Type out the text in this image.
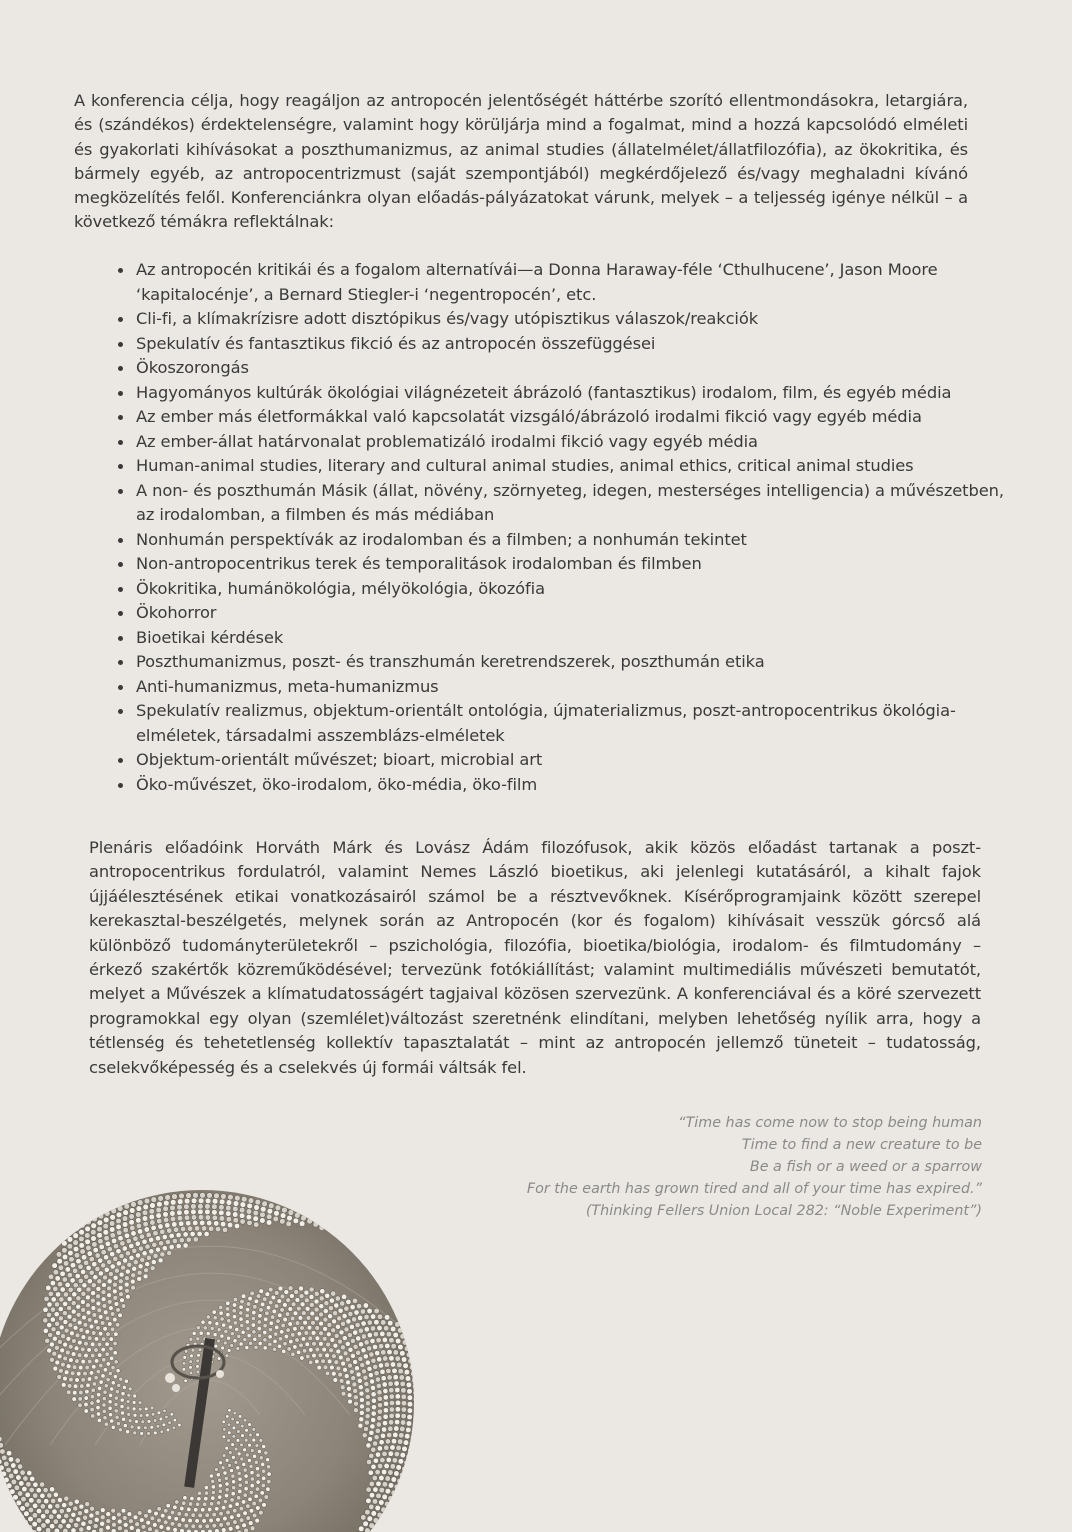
A konferencia célja, hogy reagáljon az antropocén jelentőségét háttérbe szorító ellentmondásokra, letargiára, és (szándékos) érdektelenségre, valamint hogy körüljárja mind a fogalmat, mind a hozzá kapcsolódó elméleti és gyakorlati kihívásokat a poszthumanizmus, az animal studies (állatelmélet/állatfilozófia), az ökokritika, és bármely egyéb, az antropocentrizmust (saját szempontjából) megkérdőjelező és/vagy meghaladni kívánó megközelítés felől. Konferenciánkra olyan előadás-pályázatokat várunk, melyek – a teljesség igénye nélkül – a következő témákra reflektálnak:

• Az antropocén kritikái és a fogalom alternatívái—a Donna Haraway-féle ‘Cthulhucene’, Jason Moore ‘kapitalocénje’, a Bernard Stiegler-i ‘negentropocén’, etc.
• Cli-fi, a klímakrízisre adott disztópikus és/vagy utópisztikus válaszok/reakciók
• Spekulatív és fantasztikus fikció és az antropocén összefüggései
• Ökoszorongás
• Hagyományos kultúrák ökológiai világnézeteit ábrázoló (fantasztikus) irodalom, film, és egyéb média
• Az ember más életformákkal való kapcsolatát vizsgáló/ábrázoló irodalmi fikció vagy egyéb média
• Az ember-állat határvonalat problematizáló irodalmi fikció vagy egyéb média
• Human-animal studies, literary and cultural animal studies, animal ethics, critical animal studies
• A non- és poszthumán Másik (állat, növény, szörnyeteg, idegen, mesterséges intelligencia) a művészetben, az irodalomban, a filmben és más médiában
• Nonhumán perspektívák az irodalomban és a filmben; a nonhumán tekintet
• Non-antropocentrikus terek és temporalitások irodalomban és filmben
• Ökokritika, humánökológia, mélyökológia, ökozófia
• Ökohorror
• Bioetikai kérdések
• Poszthumanizmus, poszt- és transzhumán keretrendszerek, poszthumán etika
• Anti-humanizmus, meta-humanizmus
• Spekulatív realizmus, objektum-orientált ontológia, újmaterializmus, poszt-antropocentrikus ökológia-elméletek, társadalmi asszemblázs-elméletek
• Objektum-orientált művészet; bioart, microbial art
• Öko-művészet, öko-irodalom, öko-média, öko-film

Plenáris előadóink Horváth Márk és Lovász Ádám filozófusok, akik közös előadást tartanak a poszt-antropocentrikus fordulatról, valamint Nemes László bioetikus, aki jelenlegi kutatásáról, a kihalt fajok újjáélesztésének etikai vonatkozásairól számol be a résztvevőknek. Kísérőprogramjaink között szerepel kerekasztal-beszélgetés, melynek során az Antropocén (kor és fogalom) kihívásait vesszük górcső alá különböző tudományterületekről – pszichológia, filozófia, bioetika/biológia, irodalom- és filmtudomány – érkező szakértők közreműködésével; tervezünk fotókiállítást; valamint multimediális művészeti bemutatót, melyet a Művészek a klímatudatosságért tagjaival közösen szervezünk. A konferenciával és a köré szervezett programokkal egy olyan (szemlélet)változást szeretnénk elindítani, melyben lehetőség nyílik arra, hogy a tétlenség és tehetetlenség kollektív tapasztalatát – mint az antropocén jellemző tüneteit – tudatosság, cselekvőképesség és a cselekvés új formái váltsák fel.

“Time has come now to stop being human
Time to find a new creature to be
Be a fish or a weed or a sparrow
For the earth has grown tired and all of your time has expired.”
(Thinking Fellers Union Local 282: “Noble Experiment”)
